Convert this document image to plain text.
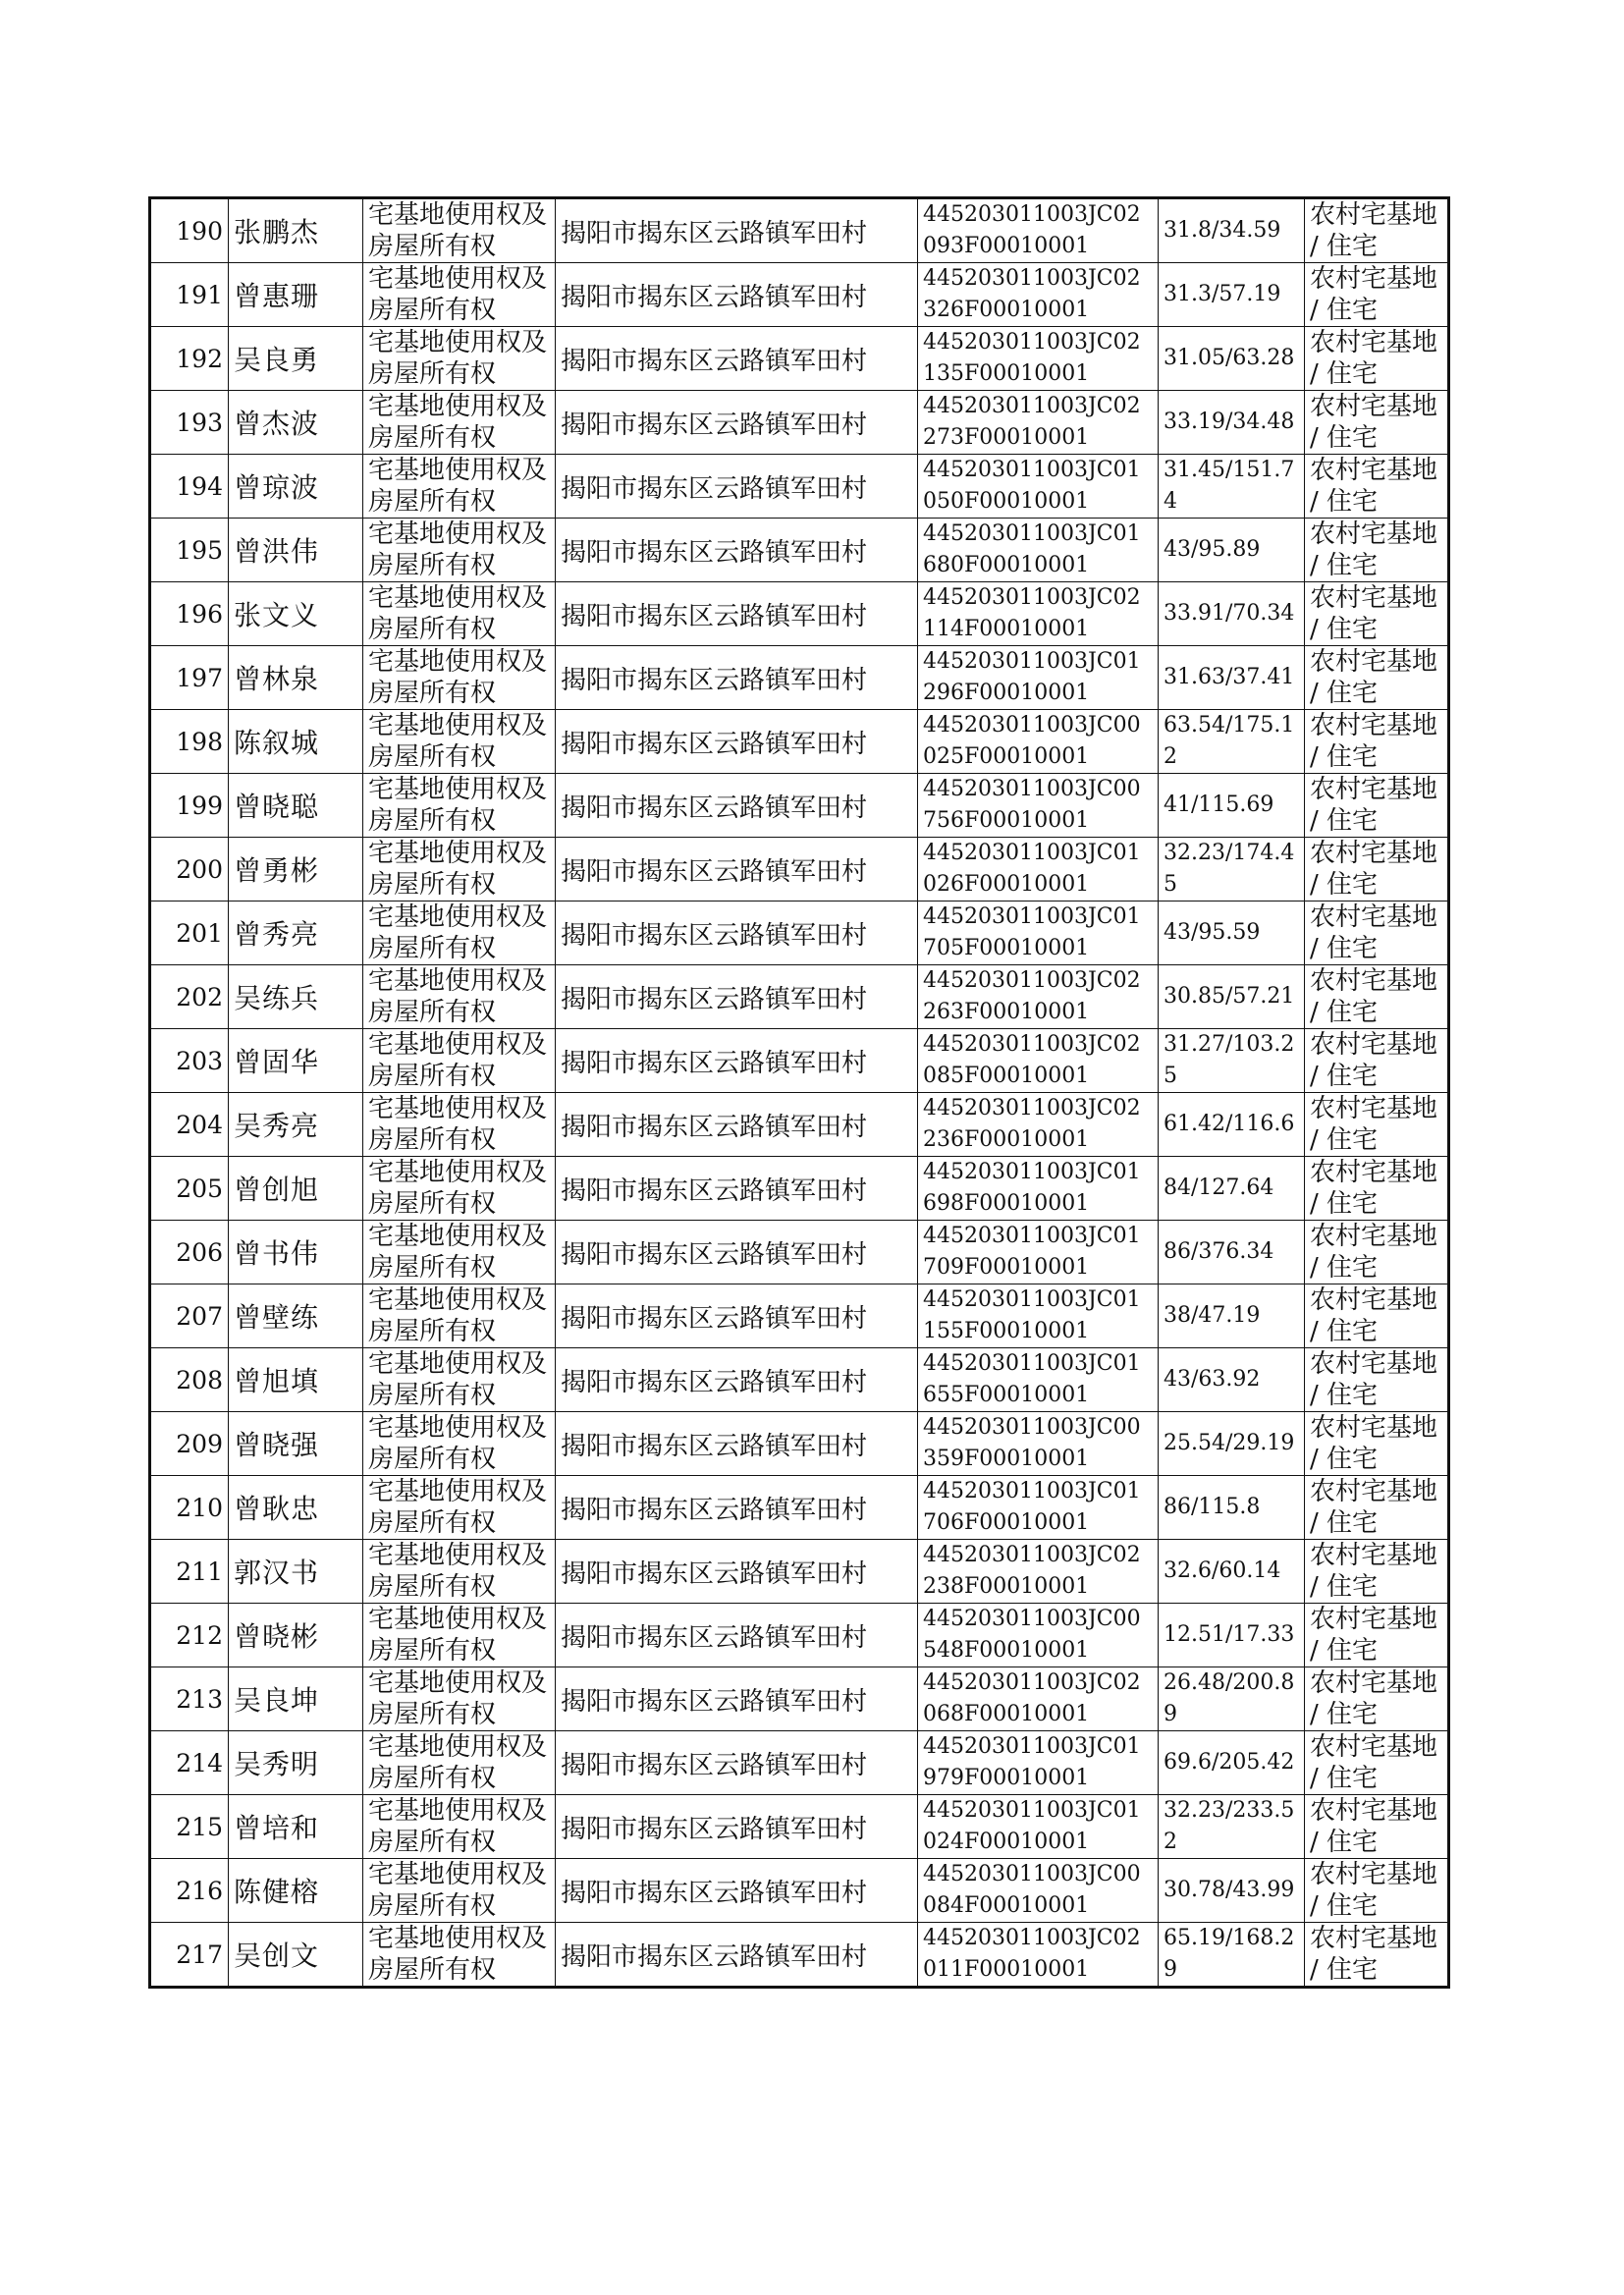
190	张鹏杰	宅基地使用权及房屋所有权	揭阳市揭东区云路镇军田村	445203011003JC02093F00010001	31.8/34.59	农村宅基地 / 住宅
191	曾惠珊	宅基地使用权及房屋所有权	揭阳市揭东区云路镇军田村	445203011003JC02326F00010001	31.3/57.19	农村宅基地 / 住宅
192	吴良勇	宅基地使用权及房屋所有权	揭阳市揭东区云路镇军田村	445203011003JC02135F00010001	31.05/63.28	农村宅基地 / 住宅
193	曾杰波	宅基地使用权及房屋所有权	揭阳市揭东区云路镇军田村	445203011003JC02273F00010001	33.19/34.48	农村宅基地 / 住宅
194	曾琼波	宅基地使用权及房屋所有权	揭阳市揭东区云路镇军田村	445203011003JC01050F00010001	31.45/151.74	农村宅基地 / 住宅
195	曾洪伟	宅基地使用权及房屋所有权	揭阳市揭东区云路镇军田村	445203011003JC01680F00010001	43/95.89	农村宅基地 / 住宅
196	张文义	宅基地使用权及房屋所有权	揭阳市揭东区云路镇军田村	445203011003JC02114F00010001	33.91/70.34	农村宅基地 / 住宅
197	曾林泉	宅基地使用权及房屋所有权	揭阳市揭东区云路镇军田村	445203011003JC01296F00010001	31.63/37.41	农村宅基地 / 住宅
198	陈叙城	宅基地使用权及房屋所有权	揭阳市揭东区云路镇军田村	445203011003JC00025F00010001	63.54/175.12	农村宅基地 / 住宅
199	曾晓聪	宅基地使用权及房屋所有权	揭阳市揭东区云路镇军田村	445203011003JC00756F00010001	41/115.69	农村宅基地 / 住宅
200	曾勇彬	宅基地使用权及房屋所有权	揭阳市揭东区云路镇军田村	445203011003JC01026F00010001	32.23/174.45	农村宅基地 / 住宅
201	曾秀亮	宅基地使用权及房屋所有权	揭阳市揭东区云路镇军田村	445203011003JC01705F00010001	43/95.59	农村宅基地 / 住宅
202	吴练兵	宅基地使用权及房屋所有权	揭阳市揭东区云路镇军田村	445203011003JC02263F00010001	30.85/57.21	农村宅基地 / 住宅
203	曾固华	宅基地使用权及房屋所有权	揭阳市揭东区云路镇军田村	445203011003JC02085F00010001	31.27/103.25	农村宅基地 / 住宅
204	吴秀亮	宅基地使用权及房屋所有权	揭阳市揭东区云路镇军田村	445203011003JC02236F00010001	61.42/116.6	农村宅基地 / 住宅
205	曾创旭	宅基地使用权及房屋所有权	揭阳市揭东区云路镇军田村	445203011003JC01698F00010001	84/127.64	农村宅基地 / 住宅
206	曾书伟	宅基地使用权及房屋所有权	揭阳市揭东区云路镇军田村	445203011003JC01709F00010001	86/376.34	农村宅基地 / 住宅
207	曾壁练	宅基地使用权及房屋所有权	揭阳市揭东区云路镇军田村	445203011003JC01155F00010001	38/47.19	农村宅基地 / 住宅
208	曾旭填	宅基地使用权及房屋所有权	揭阳市揭东区云路镇军田村	445203011003JC01655F00010001	43/63.92	农村宅基地 / 住宅
209	曾晓强	宅基地使用权及房屋所有权	揭阳市揭东区云路镇军田村	445203011003JC00359F00010001	25.54/29.19	农村宅基地 / 住宅
210	曾耿忠	宅基地使用权及房屋所有权	揭阳市揭东区云路镇军田村	445203011003JC01706F00010001	86/115.8	农村宅基地 / 住宅
211	郭汉书	宅基地使用权及房屋所有权	揭阳市揭东区云路镇军田村	445203011003JC02238F00010001	32.6/60.14	农村宅基地 / 住宅
212	曾晓彬	宅基地使用权及房屋所有权	揭阳市揭东区云路镇军田村	445203011003JC00548F00010001	12.51/17.33	农村宅基地 / 住宅
213	吴良坤	宅基地使用权及房屋所有权	揭阳市揭东区云路镇军田村	445203011003JC02068F00010001	26.48/200.89	农村宅基地 / 住宅
214	吴秀明	宅基地使用权及房屋所有权	揭阳市揭东区云路镇军田村	445203011003JC01979F00010001	69.6/205.42	农村宅基地 / 住宅
215	曾培和	宅基地使用权及房屋所有权	揭阳市揭东区云路镇军田村	445203011003JC01024F00010001	32.23/233.52	农村宅基地 / 住宅
216	陈健榕	宅基地使用权及房屋所有权	揭阳市揭东区云路镇军田村	445203011003JC00084F00010001	30.78/43.99	农村宅基地 / 住宅
217	吴创文	宅基地使用权及房屋所有权	揭阳市揭东区云路镇军田村	445203011003JC02011F00010001	65.19/168.29	农村宅基地 / 住宅
